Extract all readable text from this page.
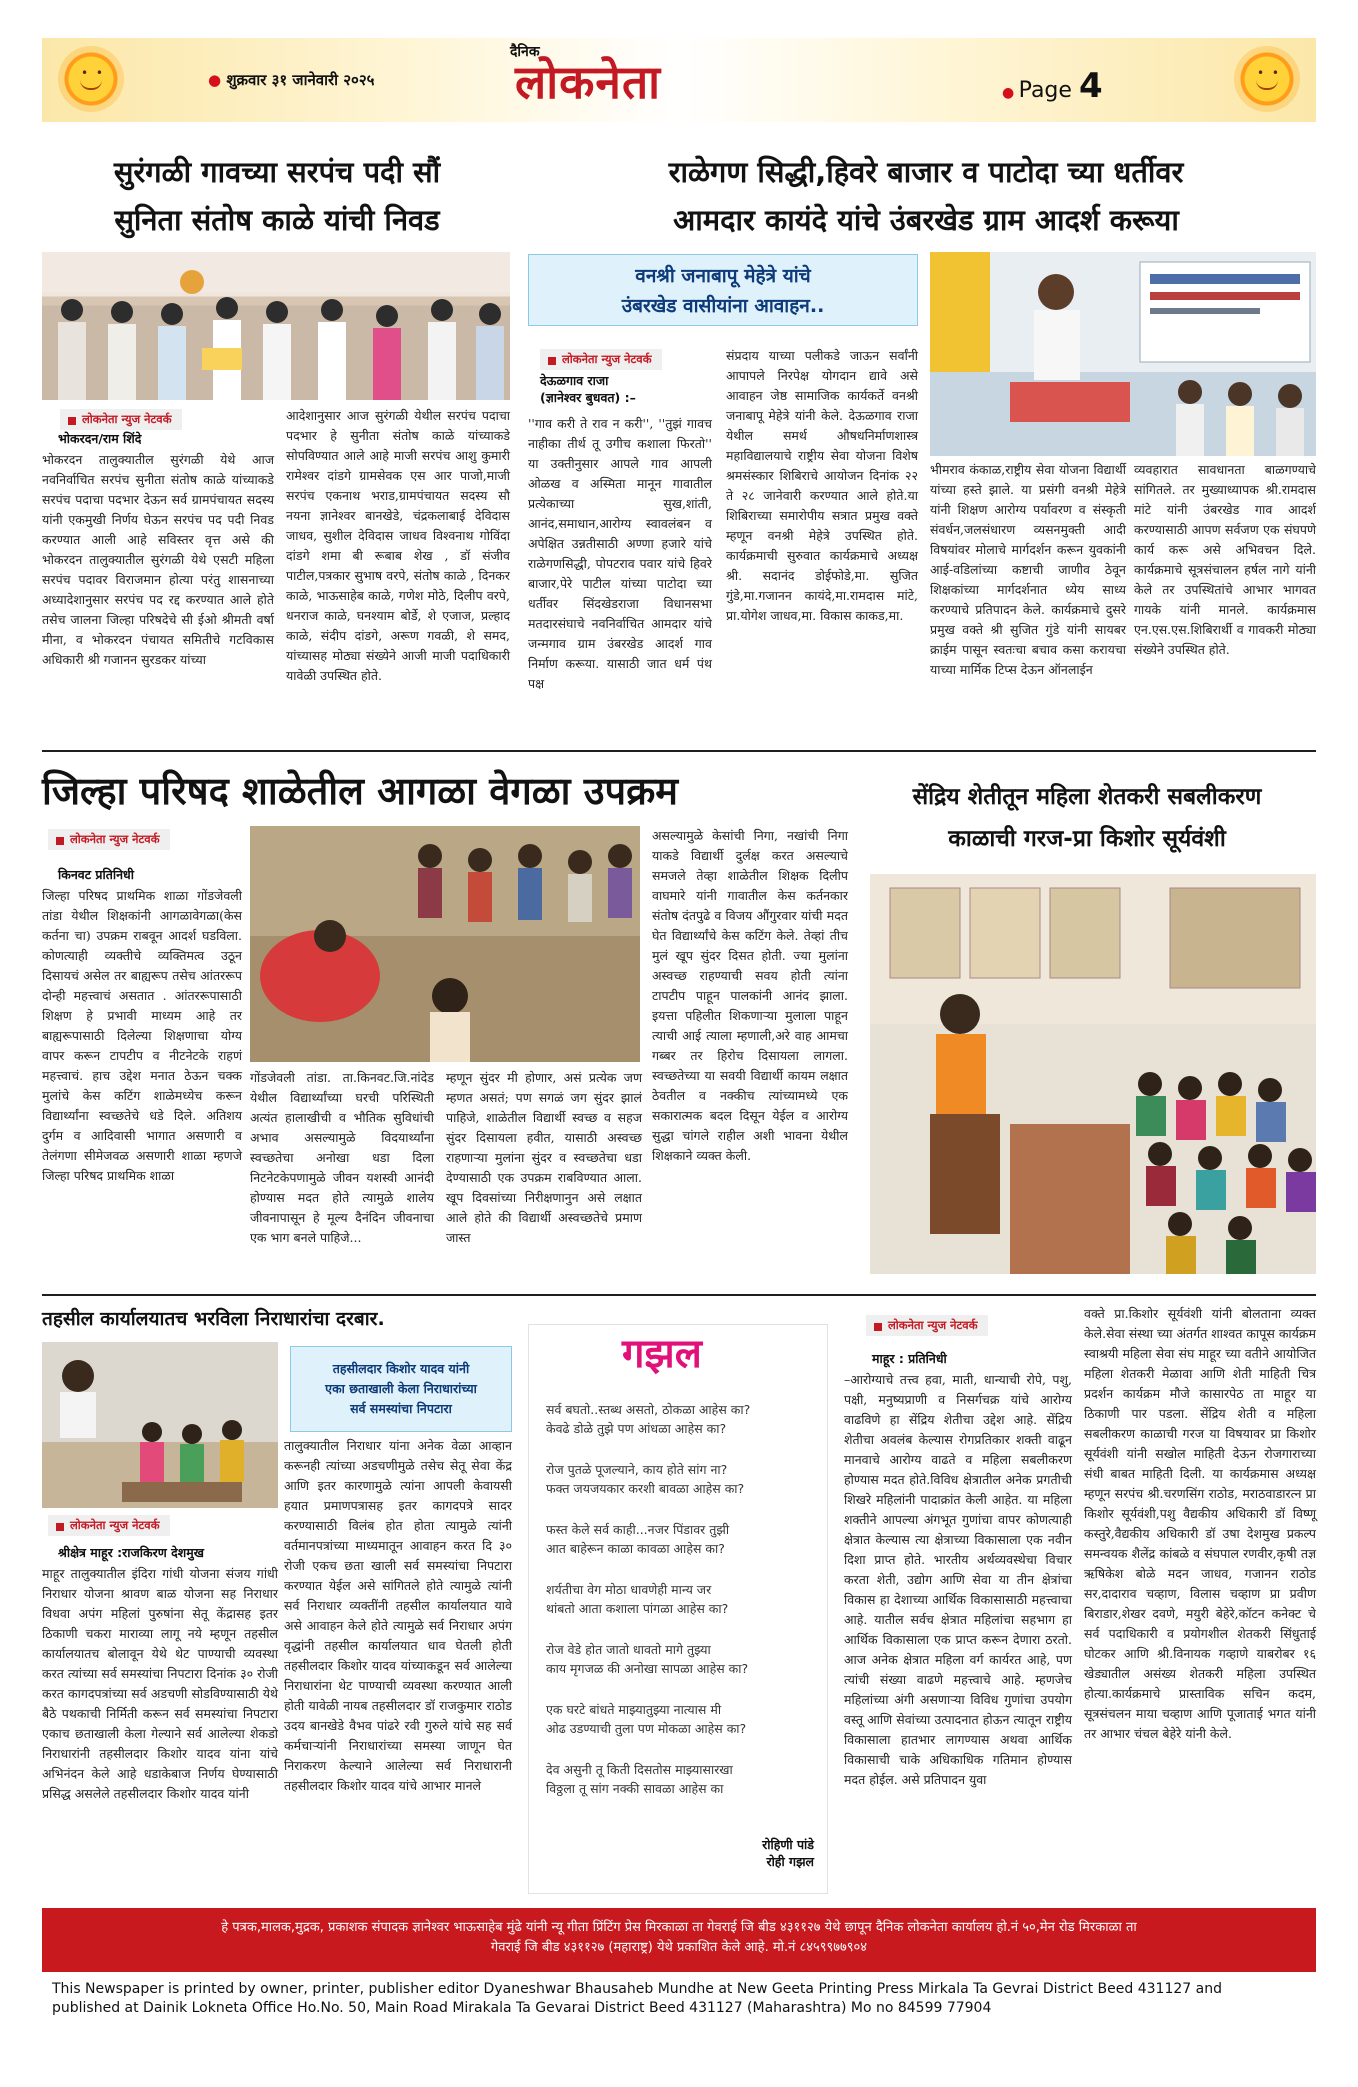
• •
• •
● शुक्रवार ३१ जानेवारी २०२५
दैनिक
लोकनेता	● Page 4
सुरंगळी गावच्या सरपंच पदी सौं
सुनिता संतोष काळे यांची निवड
लोकनेता न्युज नेटवर्क
भोकरदन/राम शिंदे
भोकरदन तालुक्यातील सुरंगळी येथे आज नवनिर्वाचित सरपंच सुनीता संतोष काळे यांच्याकडे सरपंच पदाचा पदभार देऊन सर्व ग्रामपंचायत सदस्य यांनी एकमुखी निर्णय घेऊन सरपंच पद पदी निवड करण्यात आली आहे सविस्तर वृत्त असे की भोकरदन तालुक्यातील सुरंगळी येथे एसटी महिला सरपंच पदावर विराजमान होत्या परंतु शासनाच्या अध्यादेशानुसार सरपंच पद रद्द करण्यात आले होते तसेच जालना जिल्हा परिषदेचे सी ईओ श्रीमती वर्षा मीना, व भोकरदन पंचायत समितीचे गटविकास अधिकारी श्री गजानन सुरडकर यांच्या
आदेशानुसार आज सुरंगळी येथील सरपंच पदाचा पदभार हे सुनीता संतोष काळे यांच्याकडे सोपविण्यात आले आहे माजी सरपंच आशु कुमारी रामेश्वर दांडगे ग्रामसेवक एस आर पाजो,माजी सरपंच एकनाथ भराड,ग्रामपंचायत सदस्य सौ नयना ज्ञानेश्वर बानखेडे, चंद्रकलाबाई देविदास जाधव, सुशील देविदास जाधव विश्वनाथ गोविंदा दांडगे शमा बी रूबाब शेख , डॉ संजीव पाटील,पत्रकार सुभाष वरपे, संतोष काळे , दिनकर काळे, भाऊसाहेब काळे, गणेश मोठे, दिलीप वरपे, धनराज काळे, घनश्याम बोर्डे, शे एजाज, प्रल्हाद काळे, संदीप दांडगे, अरूण गवळी, शे समद, यांच्यासह मोठ्या संख्येने आजी माजी पदाधिकारी यावेळी उपस्थित होते.
राळेगण सिद्धी,हिवरे बाजार व पाटोदा च्या धर्तीवर
आमदार कायंदे यांचे उंबरखेड ग्राम आदर्श करूया
वनश्री जनाबापू मेहेत्रे यांचे
उंबरखेड वासीयांना आवाहन..
लोकनेता न्युज नेटवर्क
देऊळगाव राजा
(ज्ञानेश्वर बुधवत) :–
''गाव करी ते राव न करी'', ''तुझं गावच नाहीका तीर्थ तू उगीच कशाला फिरतो'' या उक्तीनुसार आपले गाव आपली ओळख व अस्मिता मानून गावातील प्रत्येकाच्या सुख,शांती, आनंद,समाधान,आरोग्य स्वावलंबन व अपेक्षित उन्नतीसाठी अण्णा हजारे यांचे राळेगणसिद्धी, पोपटराव पवार यांचे हिवरे बाजार,पेरे पाटील यांच्या पाटोदा च्या धर्तीवर सिंदखेडराजा विधानसभा मतदारसंघाचे नवनिर्वाचित आमदार यांचे जन्मगाव ग्राम उंबरखेड आदर्श गाव निर्माण करूया. यासाठी जात धर्म पंथ पक्ष
संप्रदाय याच्या पलीकडे जाऊन सर्वांनी आपापले निरपेक्ष योगदान द्यावे असे आवाहन जेष्ठ सामाजिक कार्यकर्ते वनश्री जनाबापू मेहेत्रे यांनी केले. देऊळगाव राजा येथील समर्थ औषधनिर्माणशास्त्र महाविद्यालयाचे राष्ट्रीय सेवा योजना विशेष श्रमसंस्कार शिबिराचे आयोजन दिनांक २२ ते २८ जानेवारी करण्यात आले होते.या शिबिराच्या समारोपीय सत्रात प्रमुख वक्ते म्हणून वनश्री मेहेत्रे उपस्थित होते. कार्यक्रमाची सुरुवात कार्यक्रमाचे अध्यक्ष श्री. सदानंद डोईफोडे,मा. सुजित गुंडे,मा.गजानन कायंदे,मा.रामदास मांटे, प्रा.योगेश जाधव,मा. विकास काकड,मा.
भीमराव कंकाळ,राष्ट्रीय सेवा योजना विद्यार्थी यांच्या हस्ते झाले. या प्रसंगी वनश्री मेहेत्रे यांनी शिक्षण आरोग्य पर्यावरण व संस्कृती संवर्धन,जलसंधारण व्यसनमुक्ती आदी विषयांवर मोलाचे मार्गदर्शन करून युवकांनी आई-वडिलांच्या कष्टाची जाणीव ठेवून शिक्षकांच्या मार्गदर्शनात ध्येय साध्य करण्याचे प्रतिपादन केले. कार्यक्रमाचे दुसरे प्रमुख वक्ते श्री सुजित गुंडे यांनी सायबर क्राईम पासून स्वतःचा बचाव कसा करायचा याच्या मार्मिक टिप्स देऊन ऑनलाईन
व्यवहारात सावधानता बाळगण्याचे सांगितले. तर मुख्याध्यापक श्री.रामदास मांटे यांनी उंबरखेड गाव आदर्श करण्यासाठी आपण सर्वजण एक संघपणे कार्य करू असे अभिवचन दिले. कार्यक्रमाचे सूत्रसंचालन हर्षल नागे यांनी केले तर उपस्थितांचे आभार भागवत गायके यांनी मानले. कार्यक्रमास एन.एस.एस.शिबिरार्थी व गावकरी मोठ्या संख्येने उपस्थित होते.
जिल्हा परिषद शाळेतील आगळा वेगळा उपक्रम
लोकनेता न्युज नेटवर्क
किनवट प्रतिनिधी
जिल्हा परिषद प्राथमिक शाळा गोंडजेवली तांडा येथील शिक्षकांनी आगळावेगळा(केस कर्तना चा) उपक्रम राबवून आदर्श घडविला. कोणत्याही व्यक्तीचे व्यक्तिमत्व उठून दिसायचं असेल तर बाह्यरूप तसेच आंतररूप दोन्ही महत्त्वाचं असतात . आंतररूपासाठी शिक्षण हे प्रभावी माध्यम आहे तर बाह्यरूपासाठी दिलेल्या शिक्षणाचा योग्य वापर करून टापटीप व नीटनेटके राहणं महत्त्वाचं. हाच उद्देश मनात ठेऊन चक्क मुलांचे केस कटिंग शाळेमध्येच करून विद्यार्थ्यांना स्वच्छतेचे धडे दिले. अतिशय दुर्गम व आदिवासी भागात असणारी व तेलंगणा सीमेजवळ असणारी शाळा म्हणजे जिल्हा परिषद प्राथमिक शाळा
गोंडजेवली तांडा. ता.किनवट.जि.नांदेड येथील विद्यार्थ्यांच्या घरची परिस्थिती अत्यंत हालाखीची व भौतिक सुविधांची अभाव असल्यामुळे विदयार्थ्यांना स्वच्छतेचा अनोखा धडा दिला निटनेटकेपणामुळे जीवन यशस्वी आनंदी होण्यास मदत होते त्यामुळे शालेय जीवनापासून हे मूल्य दैनंदिन जीवनाचा एक भाग बनले पाहिजे...
म्हणून सुंदर मी होणार, असं प्रत्येक जण म्हणत असतं; पण सगळं जग सुंदर झालं पाहिजे, शाळेतील विद्यार्थी स्वच्छ व सहज सुंदर दिसायला हवीत, यासाठी अस्वच्छ राहणाऱ्या मुलांना सुंदर व स्वच्छतेचा धडा देण्यासाठी एक उपक्रम राबविण्यात आला. खूप दिवसांच्या निरीक्षणानुन असे लक्षात आले होते की विद्यार्थी अस्वच्छतेचे प्रमाण जास्त
असल्यामुळे केसांची निगा, नखांची निगा याकडे विद्यार्थी दुर्लक्ष करत असल्याचे समजले तेव्हा शाळेतील शिक्षक दिलीप वाघमारे यांनी गावातील केस कर्तनकार संतोष दंतपुढे व विजय औंगुरवार यांची मदत घेत विद्यार्थ्यांचे केस कटिंग केले. तेव्हां तीच मुलं खूप सुंदर दिसत होती. ज्या मुलांना अस्वच्छ राहण्याची सवय होती त्यांना टापटीप पाहून पालकांनी आनंद झाला. इयत्ता पहिलीत शिकणाऱ्या मुलाला पाहून त्याची आई त्याला म्हणाली,अरे वाह आमचा गब्बर तर हिरोच दिसायला लागला. स्वच्छतेच्या या सवयी विद्यार्थी कायम लक्षात ठेवतील व नक्कीच त्यांच्यामध्ये एक सकारात्मक बदल दिसून येईल व आरोग्य सुद्धा चांगले राहील अशी भावना येथील शिक्षकाने व्यक्त केली.
सेंद्रिय शेतीतून महिला शेतकरी सबलीकरण
काळाची गरज-प्रा किशोर सूर्यवंशी
तहसील कार्यालयातच भरविला निराधारांचा दरबार.
तहसीलदार किशोर यादव यांनी
एका छताखाली केला निराधारांच्या
सर्व समस्यांचा निपटारा
लोकनेता न्युज नेटवर्क
श्रीक्षेत्र माहूर :राजकिरण देशमुख
माहूर तालुक्यातील इंदिरा गांधी योजना संजय गांधी निराधार योजना श्रावण बाळ योजना सह निराधार विधवा अपंग महिलां पुरुषांना सेतू केंद्रासह इतर ठिकाणी चकरा माराव्या लागू नये म्हणून तहसील कार्यालयातच बोलावून येथे थेट पाण्याची व्यवस्था करत त्यांच्या सर्व समस्यांचा निपटारा दिनांक ३० रोजी करत कागदपत्रांच्या सर्व अडचणी सोडविण्यासाठी येथे बैठे पथकाची निर्मिती करून सर्व समस्यांचा निपटारा एकाच छताखाली केला गेल्याने सर्व आलेल्या शेकडो निराधारांनी तहसीलदार किशोर यादव यांना यांचे अभिनंदन केले आहे धडाकेबाज निर्णय घेण्यासाठी प्रसिद्ध असलेले तहसीलदार किशोर यादव यांनी
तालुक्यातील निराधार यांना अनेक वेळा आव्हान करूनही त्यांच्या अडचणीमुळे तसेच सेतू सेवा केंद्र आणि इतर कारणामुळे त्यांना आपली केवायसी हयात प्रमाणपत्रासह इतर कागदपत्रे सादर करण्यासाठी विलंब होत होता त्यामुळे त्यांनी वर्तमानपत्रांच्या माध्यमातून आवाहन करत दि ३० रोजी एकच छता खाली सर्व समस्यांचा निपटारा करण्यात येईल असे सांगितले होते त्यामुळे त्यांनी सर्व निराधार व्यक्तींनी तहसील कार्यालयात यावे असे आवाहन केले होते त्यामुळे सर्व निराधार अपंग वृद्धांनी तहसील कार्यालयात धाव घेतली होती तहसीलदार किशोर यादव यांच्याकडून सर्व आलेल्या निराधारांना थेट पाण्याची व्यवस्था करण्यात आली होती यावेळी नायब तहसीलदार डॉ राजकुमार राठोड उदय बानखेडे वैभव पांढरे रवी गुरुले यांचे सह सर्व कर्मचाऱ्यांनी निराधारांच्या समस्या जाणून घेत निराकरण केल्याने आलेल्या सर्व निराधारानी तहसीलदार किशोर यादव यांचे आभार मानले
गझल
सर्व बघतो..स्तब्ध असतो, ठोकळा आहेस का?
केवढे डोळे तुझे पण आंधळा आहेस का?
रोज पुतळे पूजल्याने, काय होते सांग ना?
फक्त जयजयकार करशी बावळा आहेस का?
फस्त केले सर्व काही...नजर पिंडावर तुझी
आत बाहेरून काळा कावळा आहेस का?
शर्यतीचा वेग मोठा धावणेही मान्य जर
थांबतो आता कशाला पांगळा आहेस का?
रोज वेडे होत जातो धावतो मागे तुझ्या
काय मृगजळ की अनोखा सापळा आहेस का?
एक घरटे बांधते माझ्यातुझ्या नात्यास मी
ओढ उडण्याची तुला पण मोकळा आहेस का?
देव असुनी तू किती दिसतोस माझ्यासारखा
विठ्ठला तू सांग नक्की सावळा आहेस का
रोहिणी पांडे
रोही गझल
लोकनेता न्युज नेटवर्क
माहूर : प्रतिनिधी
–आरोग्याचे तत्त्व हवा, माती, धान्याची रोपे, पशु, पक्षी, मनुष्यप्राणी व निसर्गचक्र यांचे आरोग्य वाढविणे हा सेंद्रिय शेतीचा उद्देश आहे. सेंद्रिय शेतीचा अवलंब केल्यास रोगप्रतिकार शक्ती वाढून मानवाचे आरोग्य वाढते व महिला सबलीकरण होण्यास मदत होते.विविध क्षेत्रातील अनेक प्रगतीची शिखरे महिलांनी पादाक्रांत केली आहेत. या महिला शक्तीने आपल्या अंगभूत गुणांचा वापर कोणत्याही क्षेत्रात केल्यास त्या क्षेत्राच्या विकासाला एक नवीन दिशा प्राप्त होते. भारतीय अर्थव्यवस्थेचा विचार करता शेती, उद्योग आणि सेवा या तीन क्षेत्रांचा विकास हा देशाच्या आर्थिक विकासासाठी महत्त्वाचा आहे. यातील सर्वच क्षेत्रात महिलांचा सहभाग हा आर्थिक विकासाला एक प्राप्त करून देणारा ठरतो. आज अनेक क्षेत्रात महिला वर्ग कार्यरत आहे, पण त्यांची संख्या वाढणे महत्त्वाचे आहे. म्हणजेच महिलांच्या अंगी असणार्‍या विविध गुणांचा उपयोग वस्तू आणि सेवांच्या उत्पादनात होऊन त्यातून राष्ट्रीय विकासाला हातभार लागण्यास अथवा आर्थिक विकासाची चाके अधिकाधिक गतिमान होण्यास मदत होईल. असे प्रतिपादन युवा
वक्ते प्रा.किशोर सूर्यवंशी यांनी बोलताना व्यक्त केले.सेवा संस्था च्या अंतर्गत शाश्वत कापूस कार्यक्रम स्वाश्रयी महिला सेवा संघ माहूर च्या वतीने आयोजित महिला शेतकरी मेळावा आणि शेती माहिती चित्र प्रदर्शन कार्यक्रम मौजे कासारपेठ ता माहूर या ठिकाणी पार पडला. सेंद्रिय शेती व महिला सबलीकरण काळाची गरज या विषयावर प्रा किशोर सूर्यवंशी यांनी सखोल माहिती देऊन रोजगाराच्या संधी बाबत माहिती दिली. या कार्यक्रमास अध्यक्ष म्हणून सरपंच श्री.चरणसिंग राठोड, मराठवाडारत्न प्रा किशोर सूर्यवंशी,पशु वैद्यकीय अधिकारी डॉ विष्णू कस्तुरे,वैद्यकीय अधिकारी डॉ उषा देशमुख प्रकल्प समन्वयक शैलेंद्र कांबळे व संघपाल रणवीर,कृषी तज्ञ ऋषिकेश बोळे मदन जाधव, गजानन राठोड सर,दादाराव चव्हाण, विलास चव्हाण प्रा प्रवीण बिराडार,शेखर दवणे, मयुरी बेहेरे,कॉटन कनेक्ट चे सर्व पदाधिकारी व प्रयोगशील शेतकरी सिंधुताई घोटकर आणि श्री.विनायक गव्हाणे याबरोबर १६ खेड्यातील असंख्य शेतकरी महिला उपस्थित होत्या.कार्यक्रमाचे प्रास्ताविक सचिन कदम, सूत्रसंचलन माया चव्हाण आणि पूजाताई भगत यांनी तर आभार चंचल बेहेरे यांनी केले.
हे पत्रक,मालक,मुद्रक, प्रकाशक संपादक ज्ञानेश्वर भाऊसाहेब मुंढे यांनी न्यू गीता प्रिंटिंग प्रेस मिरकाळा ता गेवराई जि बीड ४३११२७ येथे छापून दैनिक लोकनेता कार्यालय हो.नं ५०,मेन रोड मिरकाळा ता
गेवराई जि बीड ४३११२७ (महाराष्ट्र) येथे प्रकाशित केले आहे. मो.नं ८४५९९७७९०४
This Newspaper is printed by owner, printer, publisher editor Dyaneshwar Bhausaheb Mundhe at New Geeta Printing Press Mirkala Ta Gevrai District Beed 431127 and
published at Dainik Lokneta Office Ho.No. 50, Main Road Mirakala Ta Gevarai District Beed 431127 (Maharashtra) Mo no 84599 77904
